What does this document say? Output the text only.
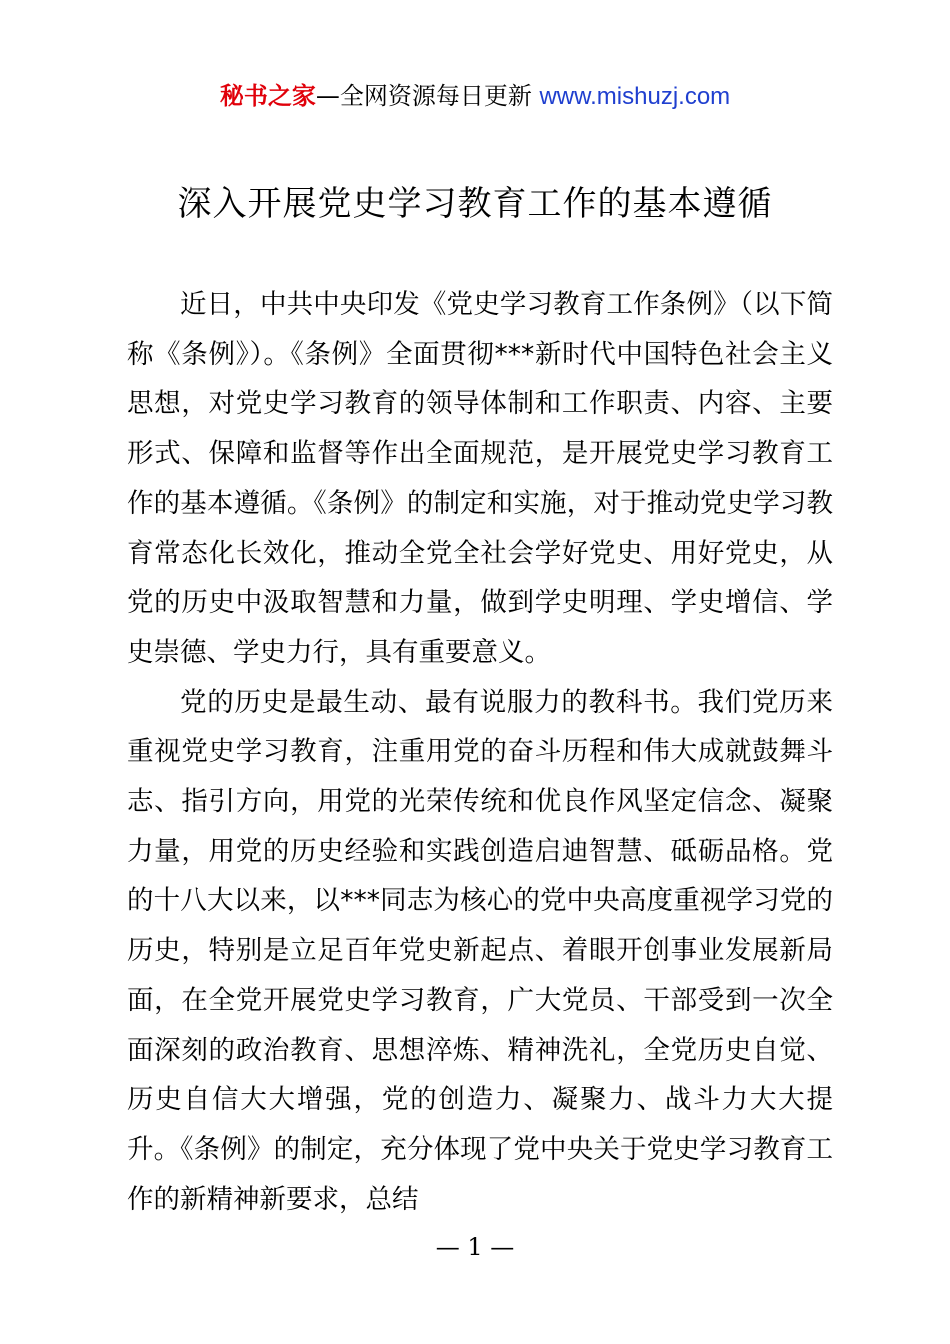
秘书之家—全网资源每日更新 www.mishuzj.com
深入开展党史学习教育工作的基本遵循

近日，中共中央印发《党史学习教育工作条例》（以下简称《条例》）。《条例》全面贯彻***新时代中国特色社会主义思想，对党史学习教育的领导体制和工作职责、内容、主要形式、保障和监督等作出全面规范，是开展党史学习教育工作的基本遵循。《条例》的制定和实施，对于推动党史学习教育常态化长效化，推动全党全社会学好党史、用好党史，从党的历史中汲取智慧和力量，做到学史明理、学史增信、学史崇德、学史力行，具有重要意义。

党的历史是最生动、最有说服力的教科书。我们党历来重视党史学习教育，注重用党的奋斗历程和伟大成就鼓舞斗志、指引方向，用党的光荣传统和优良作风坚定信念、凝聚力量，用党的历史经验和实践创造启迪智慧、砥砺品格。党的十八大以来，以***同志为核心的党中央高度重视学习党的历史，特别是立足百年党史新起点、着眼开创事业发展新局面，在全党开展党史学习教育，广大党员、干部受到一次全面深刻的政治教育、思想淬炼、精神洗礼，全党历史自觉、历史自信大大增强，党的创造力、凝聚力、战斗力大大提升。《条例》的制定，充分体现了党中央关于党史学习教育工作的新精神新要求，总结

— 1 —
